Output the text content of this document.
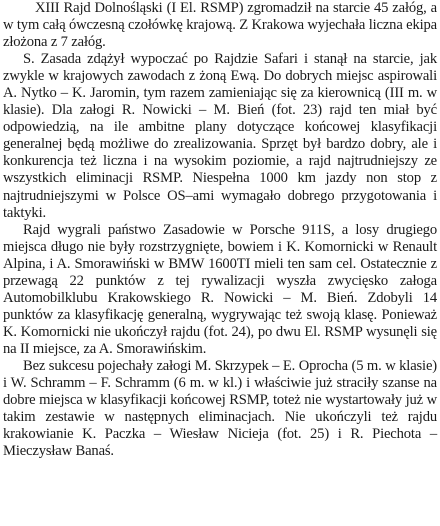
XIII Rajd Dolnośląski (I El. RSMP) zgromadził na starcie 45 załóg, a w tym całą ówczesną czołówkę krajową. Z Krakowa wyjechała liczna ekipa złożona z 7 załóg.

S. Zasada zdążył wypoczać po Rajdzie Safari i stanął na starcie, jak zwykle w krajowych zawodach z żoną Ewą. Do dobrych miejsc aspirowali A. Nytko – K. Jaromin, tym razem zamieniając się za kierownicą (III m. w klasie). Dla załogi R. Nowicki – M. Bień (fot. 23) rajd ten miał być odpowiedzią, na ile ambitne plany dotyczące końcowej klasyfikacji generalnej będą możliwe do zrealizowania. Sprzęt był bardzo dobry, ale i konkurencja też liczna i na wysokim poziomie, a rajd najtrudniejszy ze wszystkich eliminacji RSMP. Niespełna 1000 km jazdy non stop z najtrudniejszymi w Polsce OS–ami wymagało dobrego przygotowania i taktyki.

Rajd wygrali państwo Zasadowie w Porsche 911S, a losy drugiego miejsca długo nie były rozstrzygnięte, bowiem i K. Komornicki w Renault Alpina, i A. Smorawiński w BMW 1600TI mieli ten sam cel. Ostatecznie z przewagą 22 punktów z tej rywalizacji wyszła zwycięsko załoga Automobilklubu Krakowskiego R. Nowicki – M. Bień. Zdobyli 14 punktów za klasyfikację generalną, wygrywając też swoją klasę. Ponieważ K. Komornicki nie ukończył rajdu (fot. 24), po dwu El. RSMP wysunęli się na II miejsce, za A. Smorawińskim.

Bez sukcesu pojechały załogi M. Skrzypek – E. Oprocha (5 m. w klasie) i W. Schramm – F. Schramm (6 m. w kl.) i właściwie już straciły szanse na dobre miejsca w klasyfikacji końcowej RSMP, toteż nie wystartowały już w takim zestawie w następnych eliminacjach. Nie ukończyli też rajdu krakowianie K. Paczka – Wiesław Nicieja (fot. 25) i R. Piechota – Mieczysław Banaś.
